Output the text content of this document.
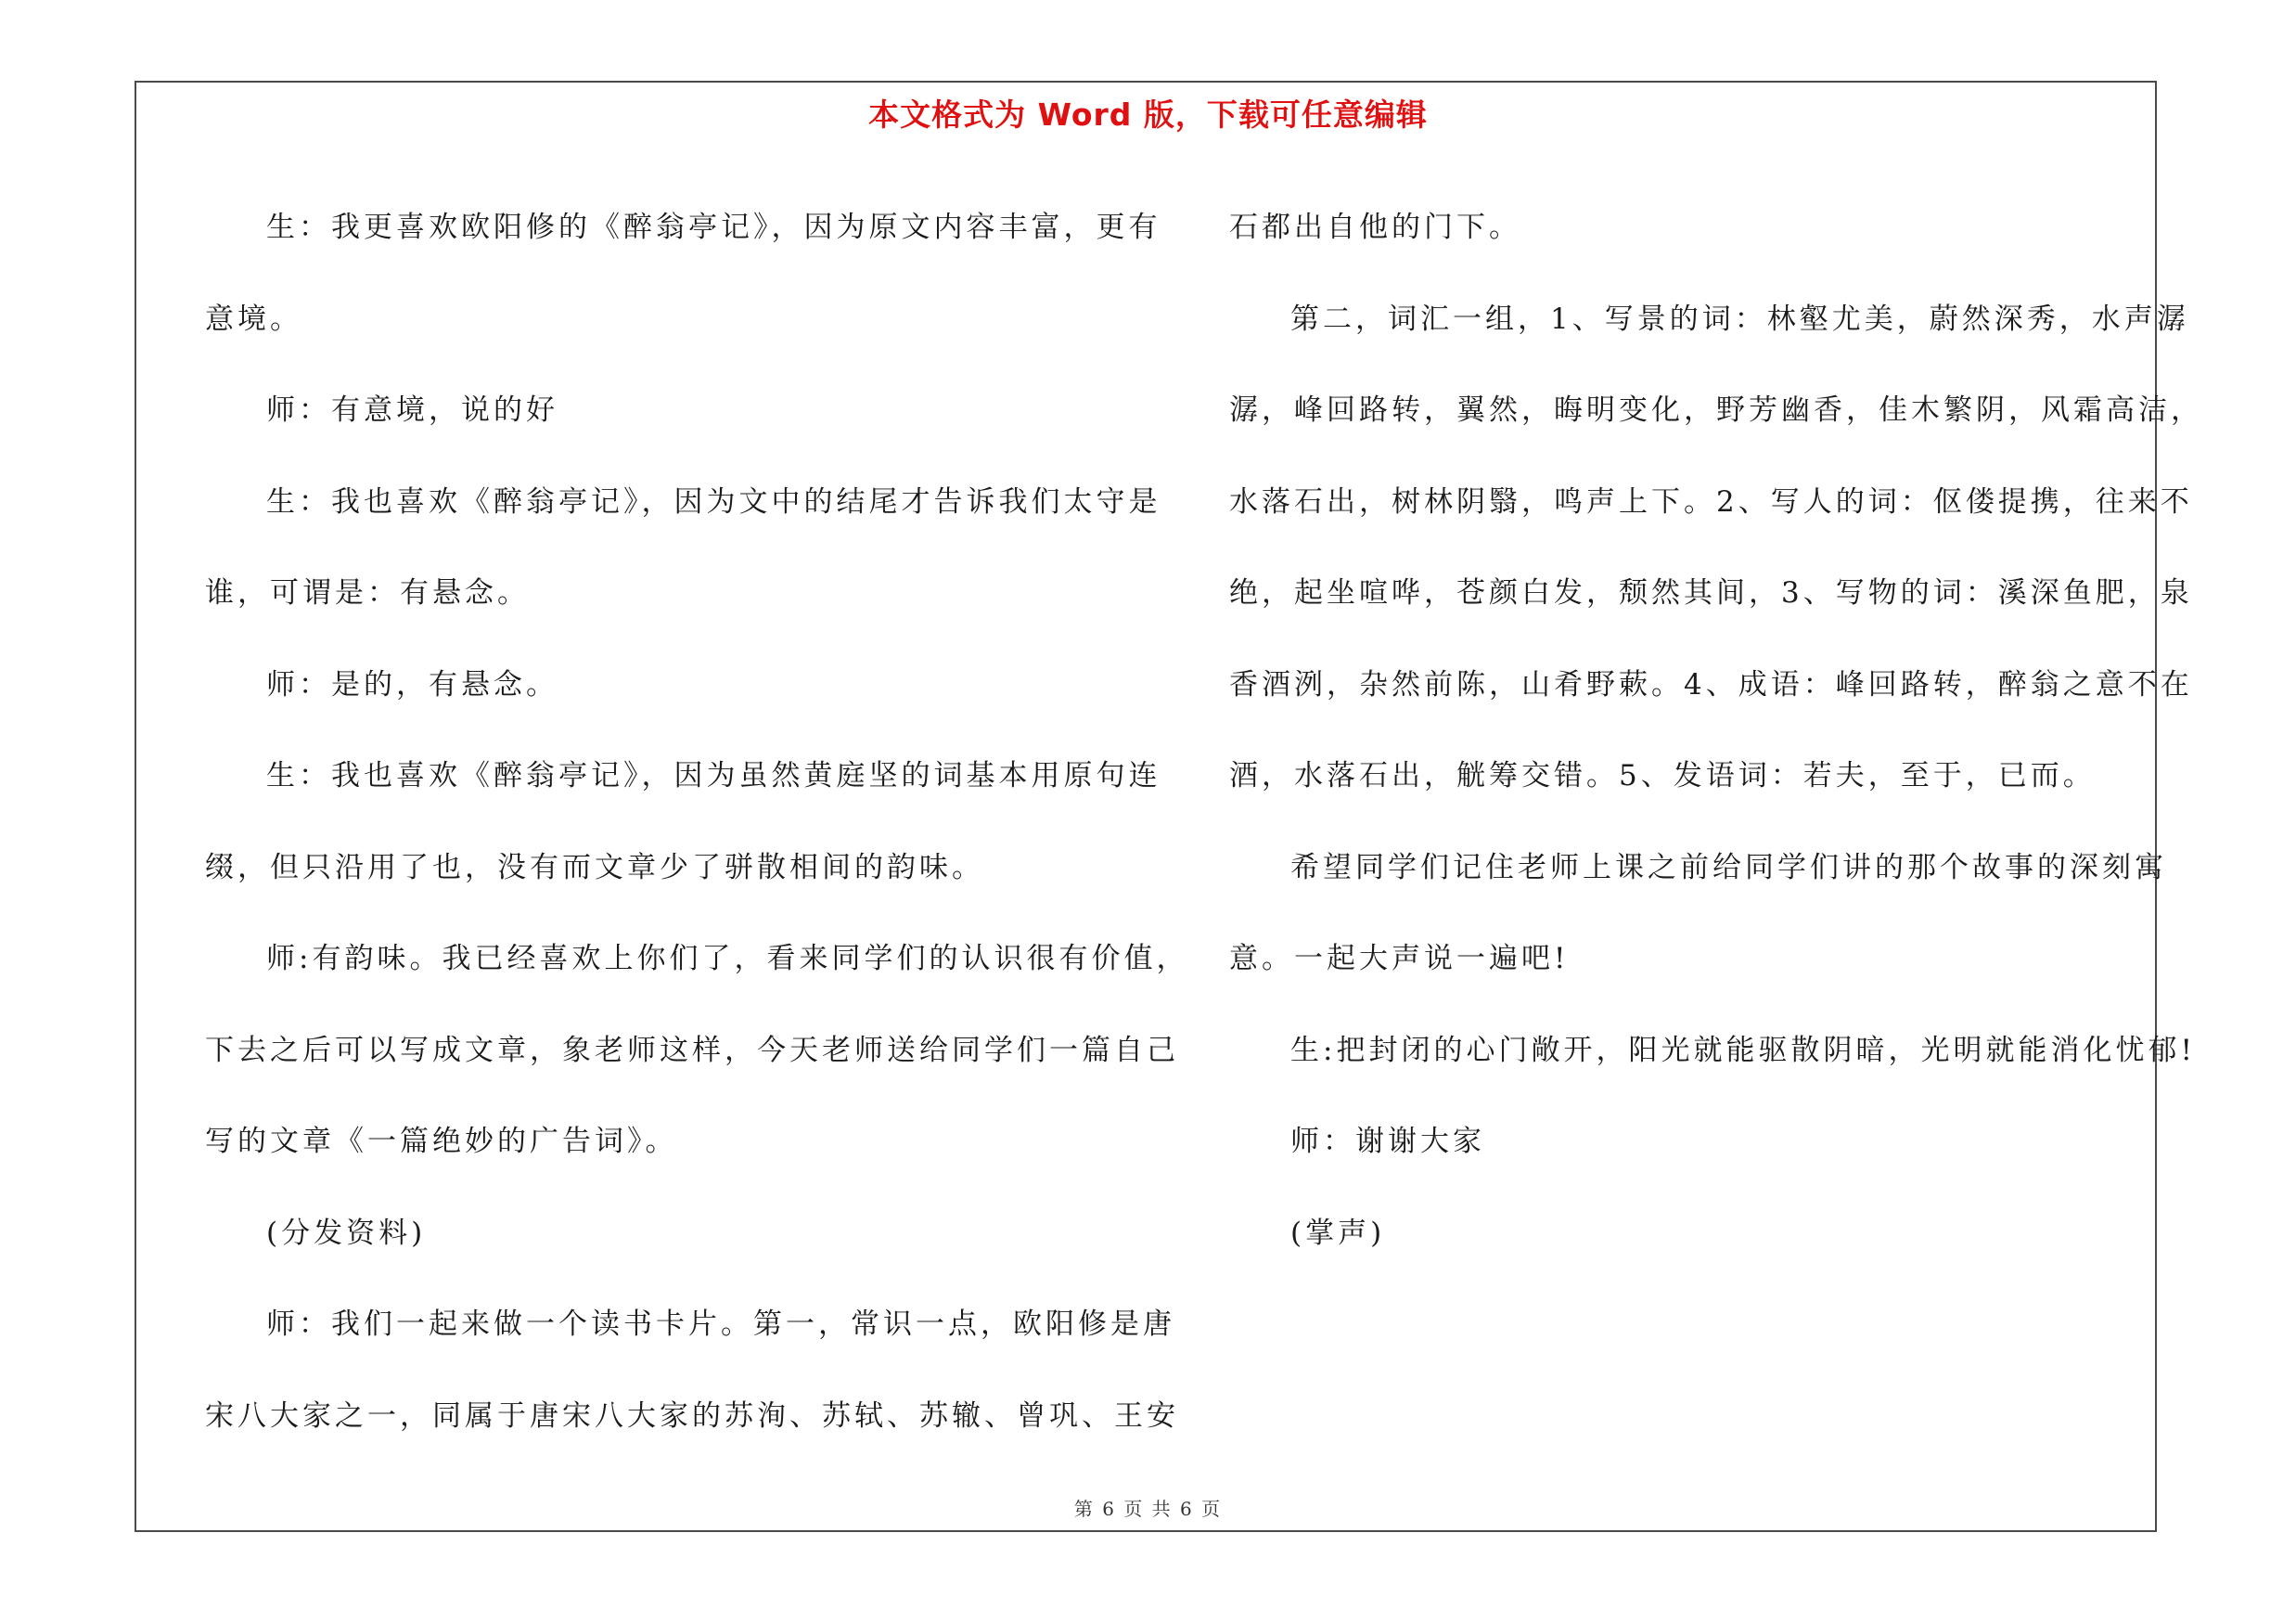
本文格式为 Word 版，下载可任意编辑
生：我更喜欢欧阳修的《醉翁亭记》，因为原文内容丰富，更有
意境。
师：有意境，说的好
生：我也喜欢《醉翁亭记》，因为文中的结尾才告诉我们太守是
谁，可谓是：有悬念。
师：是的，有悬念。
生：我也喜欢《醉翁亭记》，因为虽然黄庭坚的词基本用原句连
缀，但只沿用了也，没有而文章少了骈散相间的韵味。
师:有韵味。我已经喜欢上你们了，看来同学们的认识很有价值，
下去之后可以写成文章，象老师这样，今天老师送给同学们一篇自己
写的文章《一篇绝妙的广告词》。
(分发资料)
师：我们一起来做一个读书卡片。第一，常识一点，欧阳修是唐
宋八大家之一，同属于唐宋八大家的苏洵、苏轼、苏辙、曾巩、王安
石都出自他的门下。
第二，词汇一组，1、写景的词：林壑尤美，蔚然深秀，水声潺
潺，峰回路转，翼然，晦明变化，野芳幽香，佳木繁阴，风霜高洁，
水落石出，树林阴翳，鸣声上下。2、写人的词：伛偻提携，往来不
绝，起坐喧哗，苍颜白发，颓然其间，3、写物的词：溪深鱼肥，泉
香酒洌，杂然前陈，山肴野蔌。4、成语：峰回路转，醉翁之意不在
酒，水落石出，觥筹交错。5、发语词：若夫，至于，已而。
希望同学们记住老师上课之前给同学们讲的那个故事的深刻寓
意。一起大声说一遍吧!
生:把封闭的心门敞开，阳光就能驱散阴暗，光明就能消化忧郁!
师：谢谢大家
(掌声)
第 6 页 共 6 页
